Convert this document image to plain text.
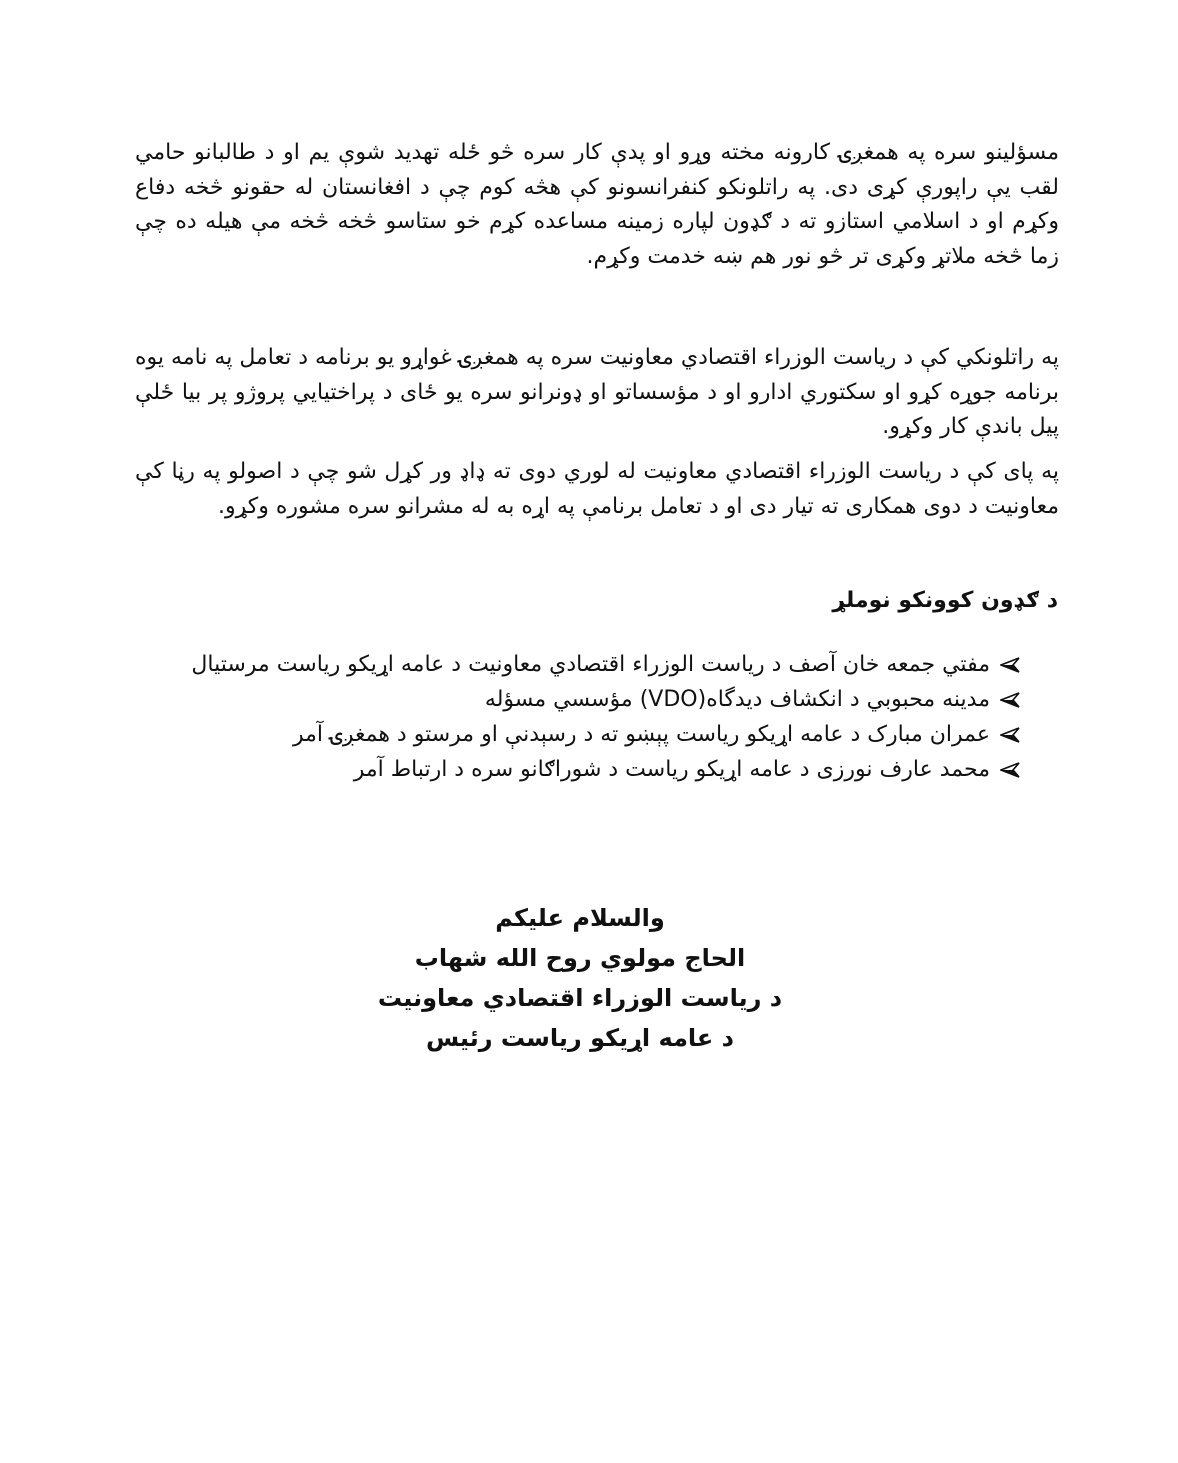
مسؤلینو سره په همغږۍ کارونه مخته وړو او پدې کار سره څو ځله تهدید شوې یم او د طالبانو حامي لقب يې راپورې کړی دی. په راتلونکو کنفرانسونو کې هڅه کوم چې د افغانستان له حقونو څخه دفاع وکړم او د اسلامي استازو ته د ګډون لپاره زمینه مساعده کړم خو ستاسو څخه څخه مې هیله ده چې زما څخه ملاتړ وکړی تر څو نور هم ښه خدمت وکړم.

په راتلونکي کې د ریاست الوزراء اقتصادي معاونیت سره په همغږۍ غواړو یو برنامه د تعامل په نامه یوه برنامه جوړه کړو او سکتوري ادارو او د مؤسساتو او ډونرانو سره یو ځای د پراختیایي پروژو پر بیا ځلې پیل باندې کار وکړو.

په پای کې د ریاست الوزراء اقتصادي معاونیت له لوري دوی ته ډاډ ور کړل شو چې د اصولو په رڼا کې معاونیت د دوی همکاری ته تیار دی او د تعامل برنامې په اړه به له مشرانو سره مشوره وکړو.

د ګډون کوونکو نوملړ
مفتي جمعه خان آصف د ریاست الوزراء اقتصادي معاونیت د عامه اړیکو ریاست مرستیال
مدینه محبوبي د انکشاف دیدگاه(VDO) مؤسسي مسؤله
عمران مبارک د عامه اړیکو ریاست پېښو ته د رسېدنې او مرستو د همغږۍ آمر
محمد عارف نورزی د عامه اړیکو ریاست د شوراګانو سره د ارتباط آمر
والسلام علیکم
الحاج مولوي روح الله شهاب
د ریاست الوزراء اقتصادي معاونیت
د عامه اړیکو ریاست رئیس
